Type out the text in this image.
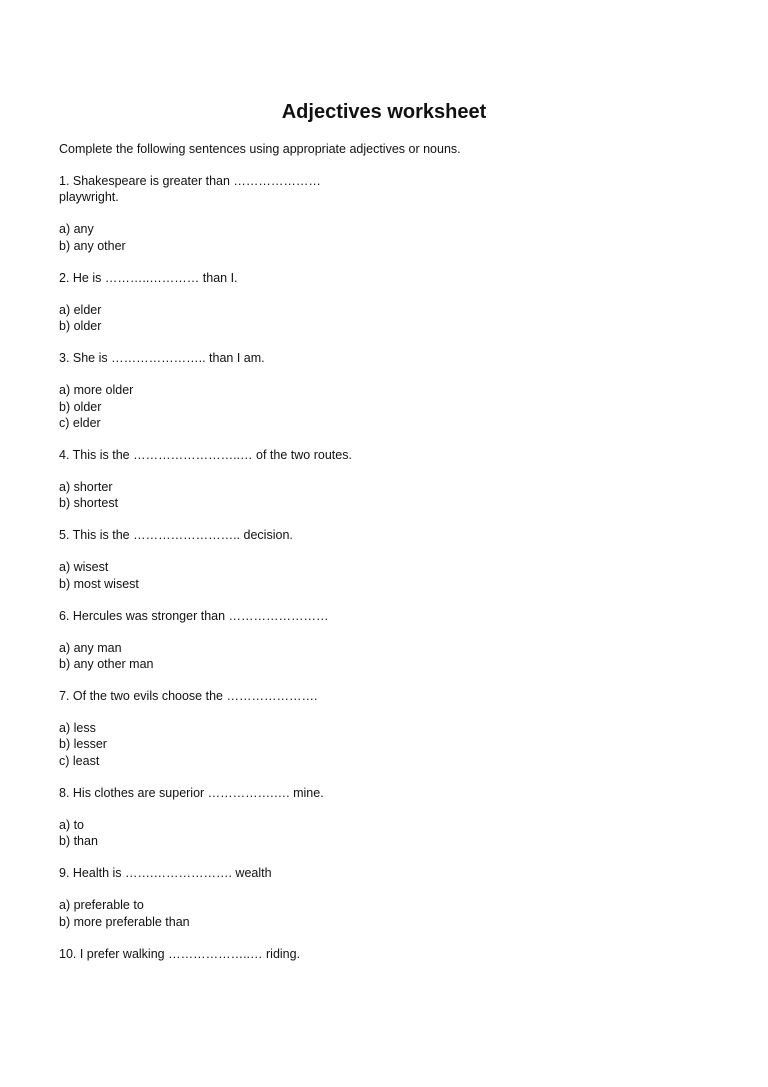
Adjectives worksheet
Complete the following sentences using appropriate adjectives or nouns.
1. Shakespeare is greater than …………………
playwright.
a) any
b) any other
2. He is ………..………… than I.
a) elder
b) older
3. She is ………………….. than I am.
a) more older
b) older
c) elder
4. This is the ……………………..… of the two routes.
a) shorter
b) shortest
5. This is the …………………….. decision.
a) wisest
b) most wisest
6. Hercules was stronger than ……………………
a) any man
b) any other man
7. Of the two evils choose the ………………….
a) less
b) lesser
c) least
8. His clothes are superior …………….…. mine.
a) to
b) than
9. Health is …….………………. wealth
a) preferable to
b) more preferable than
10. I prefer walking ………………..… riding.
